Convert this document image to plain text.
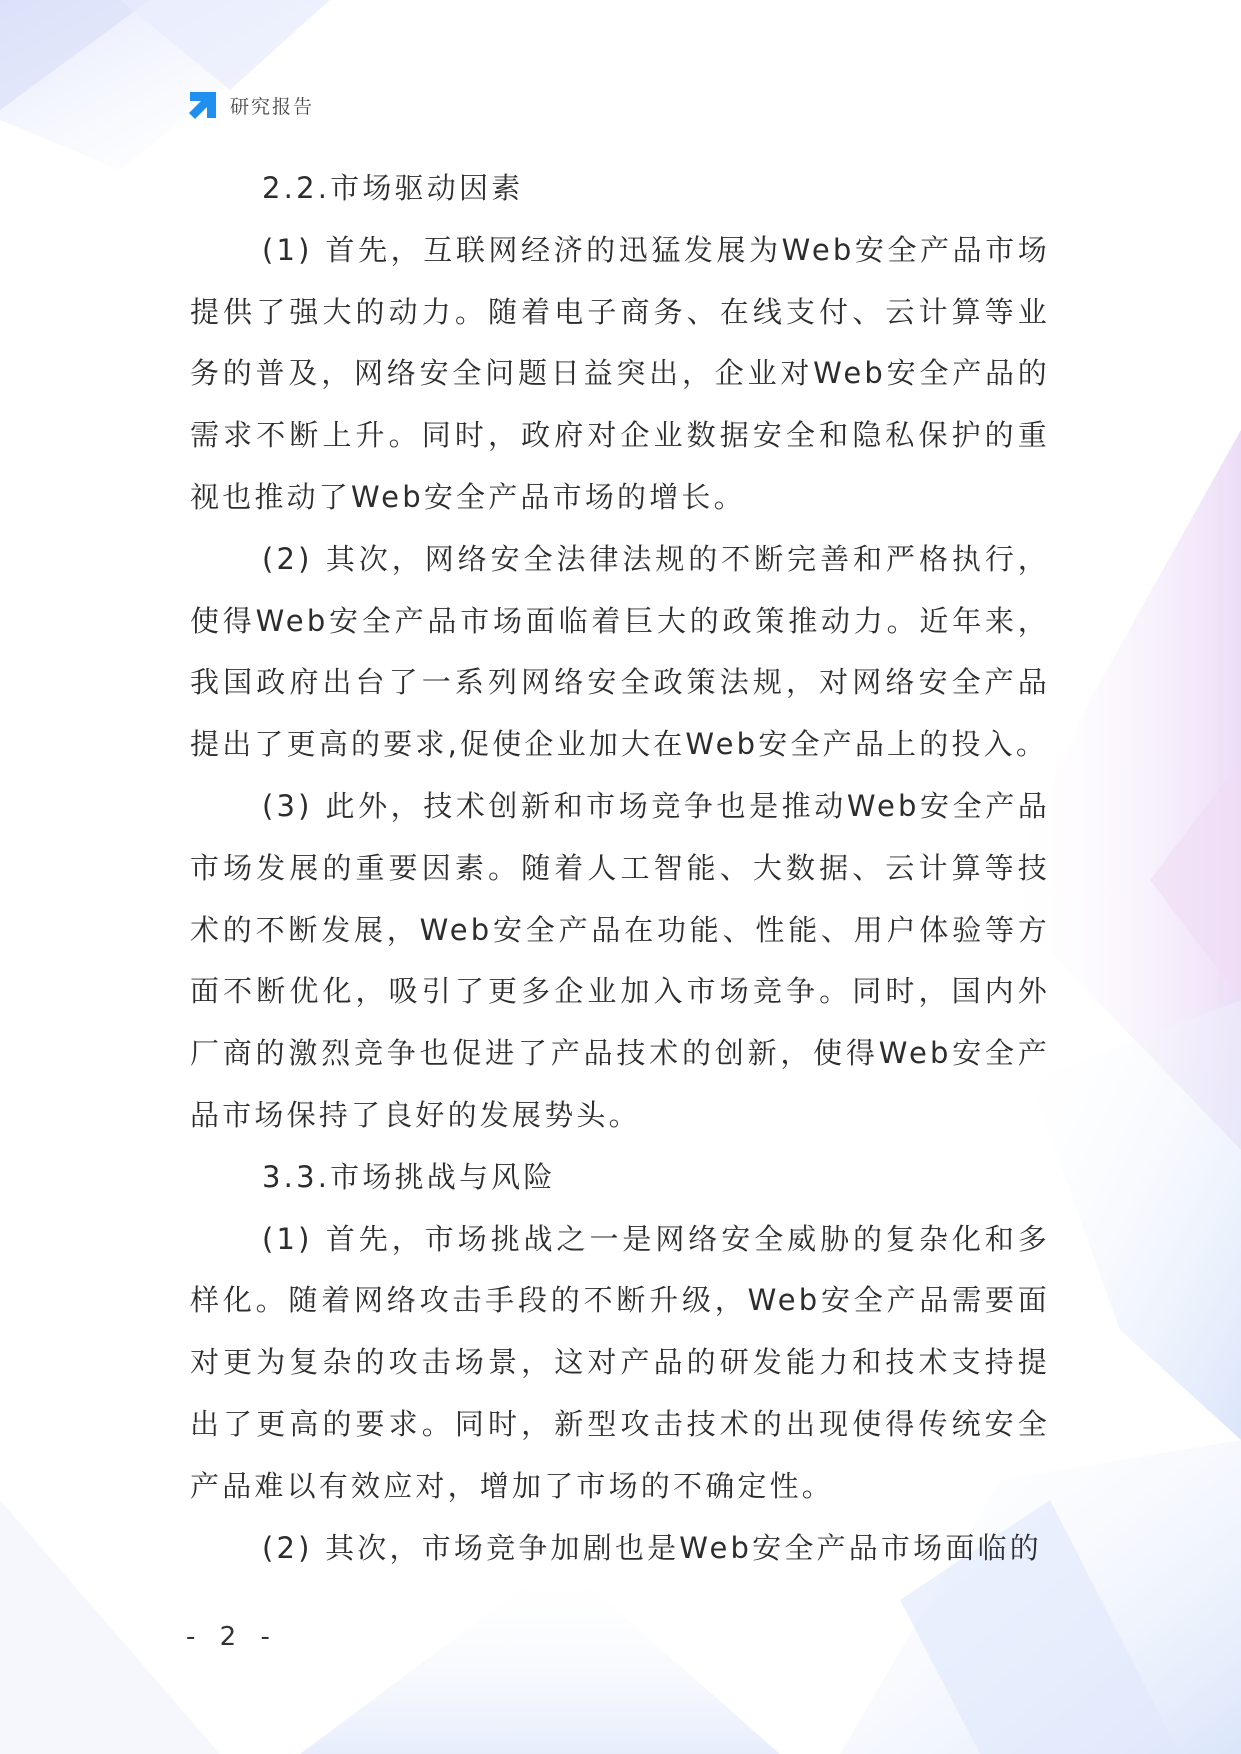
研究报告
2.2.市场驱动因素

(1) 首先，互联网经济的迅猛发展为Web安全产品市场提供了强大的动力。随着电子商务、在线支付、云计算等业务的普及，网络安全问题日益突出，企业对Web安全产品的需求不断上升。同时，政府对企业数据安全和隐私保护的重视也推动了Web安全产品市场的增长。

(2) 其次，网络安全法律法规的不断完善和严格执行，使得Web安全产品市场面临着巨大的政策推动力。近年来，我国政府出台了一系列网络安全政策法规，对网络安全产品提出了更高的要求,促使企业加大在Web安全产品上的投入。

(3) 此外，技术创新和市场竞争也是推动Web安全产品市场发展的重要因素。随着人工智能、大数据、云计算等技术的不断发展，Web安全产品在功能、性能、用户体验等方面不断优化，吸引了更多企业加入市场竞争。同时，国内外厂商的激烈竞争也促进了产品技术的创新，使得Web安全产品市场保持了良好的发展势头。

3.3.市场挑战与风险

(1) 首先，市场挑战之一是网络安全威胁的复杂化和多样化。随着网络攻击手段的不断升级，Web安全产品需要面对更为复杂的攻击场景，这对产品的研发能力和技术支持提出了更高的要求。同时，新型攻击技术的出现使得传统安全产品难以有效应对，增加了市场的不确定性。

(2) 其次，市场竞争加剧也是Web安全产品市场面临的

- 2 -
